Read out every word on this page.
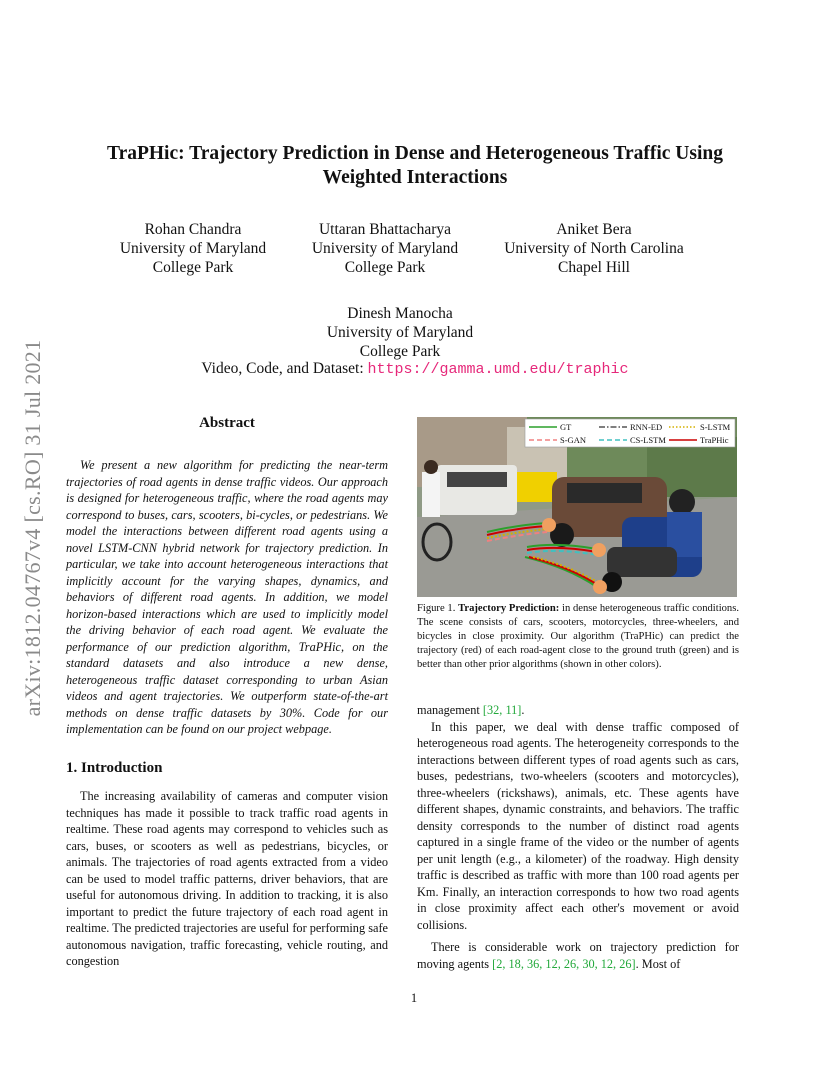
arXiv:1812.04767v4 [cs.RO] 31 Jul 2021
TraPHic: Trajectory Prediction in Dense and Heterogeneous Traffic Using Weighted Interactions
Rohan Chandra
University of Maryland
College Park
Uttaran Bhattacharya
University of Maryland
College Park
Aniket Bera
University of North Carolina
Chapel Hill
Dinesh Manocha
University of Maryland
College Park
Video, Code, and Dataset: https://gamma.umd.edu/traphic
Abstract

We present a new algorithm for predicting the near-term trajectories of road agents in dense traffic videos. Our approach is designed for heterogeneous traffic, where the road agents may correspond to buses, cars, scooters, bi-cycles, or pedestrians. We model the interactions between different road agents using a novel LSTM-CNN hybrid network for trajectory prediction. In particular, we take into account heterogeneous interactions that implicitly account for the varying shapes, dynamics, and behaviors of different road agents. In addition, we model horizon-based interactions which are used to implicitly model the driving behavior of each road agent. We evaluate the performance of our prediction algorithm, TraPHic, on the standard datasets and also introduce a new dense, heterogeneous traffic dataset corresponding to urban Asian videos and agent trajectories. We outperform state-of-the-art methods on dense traffic datasets by 30%. Code for our implementation can be found on our project webpage.

1. Introduction

The increasing availability of cameras and computer vision techniques has made it possible to track traffic road agents in realtime. These road agents may correspond to vehicles such as cars, buses, or scooters as well as pedestrians, bicycles, or animals. The trajectories of road agents extracted from a video can be used to model traffic patterns, driver behaviors, that are useful for autonomous driving. In addition to tracking, it is also important to predict the future trajectory of each road agent in realtime. The predicted trajectories are useful for performing safe autonomous navigation, traffic forecasting, vehicle routing, and congestion

GT	RNN-ED	S-LSTM
S-GAN	CS-LSTM	TraPHic
Figure 1. Trajectory Prediction: in dense heterogeneous traffic conditions. The scene consists of cars, scooters, motorcycles, three-wheelers, and bicycles in close proximity. Our algorithm (TraPHic) can predict the trajectory (red) of each road-agent close to the ground truth (green) and is better than other prior algorithms (shown in other colors).

management [32, 11].

In this paper, we deal with dense traffic composed of heterogeneous road agents. The heterogeneity corresponds to the interactions between different types of road agents such as cars, buses, pedestrians, two-wheelers (scooters and motorcycles), three-wheelers (rickshaws), animals, etc. These agents have different shapes, dynamic constraints, and behaviors. The traffic density corresponds to the number of distinct road agents captured in a single frame of the video or the number of agents per unit length (e.g., a kilometer) of the roadway. High density traffic is described as traffic with more than 100 road agents per Km. Finally, an interaction corresponds to how two road agents in close proximity affect each other's movement or avoid collisions.

There is considerable work on trajectory prediction for moving agents [2, 18, 36, 12, 26, 30, 12, 26]. Most of

1
